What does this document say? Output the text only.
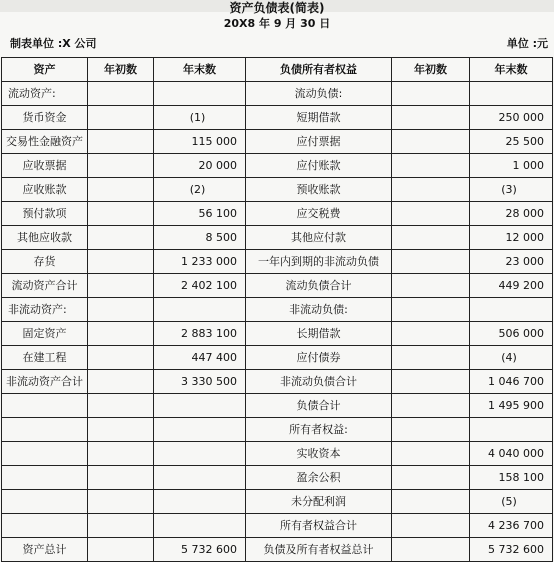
资产负债表(简表)
20X8 年 9 月 30 日
制表单位 :X 公司	单位 :元
资产	年初数	年末数	负债所有者权益	年初数	年末数
流动资产:			流动负债:		
货币资金		(1)	短期借款		250 000
交易性金融资产		115 000	应付票据		25 500
应收票据		20 000	应付账款		1 000
应收账款		(2)	预收账款		(3)
预付款项		56 100	应交税费		28 000
其他应收款		8 500	其他应付款		12 000
存货		1 233 000	一年内到期的非流动负债		23 000
流动资产合计		2 402 100	流动负债合计		449 200
非流动资产:			非流动负债:		
固定资产		2 883 100	长期借款		506 000
在建工程		447 400	应付债券		(4)
非流动资产合计		3 330 500	非流动负债合计		1 046 700
			负债合计		1 495 900
			所有者权益:		
			实收资本		4 040 000
			盈余公积		158 100
			未分配利润		(5)
			所有者权益合计		4 236 700
资产总计		5 732 600	负债及所有者权益总计		5 732 600
